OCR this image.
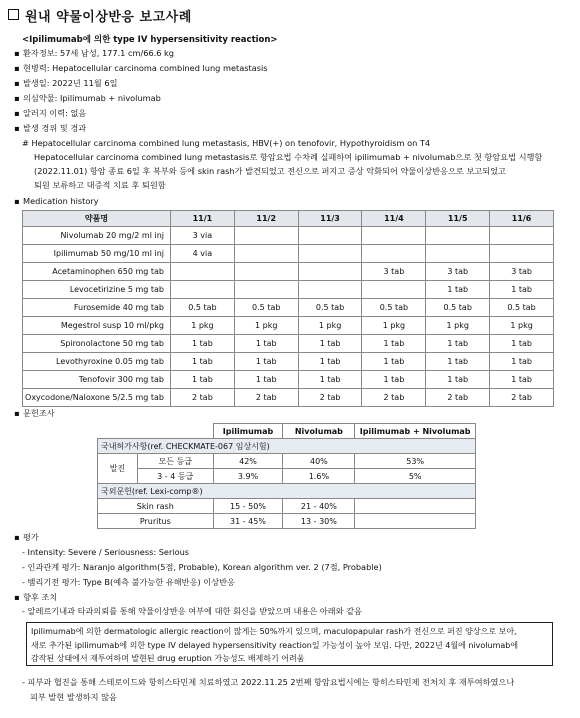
원내 약물이상반응 보고사례
<Ipilimumab에 의한 type IV hypersensitivity reaction>
▪ 환자정보: 57세 남성, 177.1 cm/66.6 kg
▪ 현병력: Hepatocellular carcinoma combined lung metastasis
▪ 발생일: 2022년 11월 6일
▪ 의심약물: Ipilimumab + nivolumab
▪ 알러지 이력: 없음
▪ 발생 경위 및 경과
# Hepatocellular carcinoma combined lung metastasis, HBV(+) on tenofovir, Hypothyroidism on T4
Hepatocellular carcinoma combined lung metastasis로 항암요법 수차례 실패하여 ipilimumab + nivolumab으로 첫 항암요법 시행함
(2022.11.01) 항암 종료 6일 후 복부와 등에 skin rash가 발견되었고 전신으로 퍼지고 증상 악화되어 약물이상반응으로 보고되었고
퇴원 보류하고 대증적 치료 후 퇴원함
▪ Medication history
약품명	11/1	11/2	11/3	11/4	11/5	11/6
Nivolumab 20 mg/2 ml inj	3 via					
Ipilimumab 50 mg/10 ml inj	4 via					
Acetaminophen 650 mg tab				3 tab	3 tab	3 tab
Levocetirizine 5 mg tab					1 tab	1 tab
Furosemide 40 mg tab	0.5 tab	0.5 tab	0.5 tab	0.5 tab	0.5 tab	0.5 tab
Megestrol susp 10 ml/pkg	1 pkg	1 pkg	1 pkg	1 pkg	1 pkg	1 pkg
Spironolactone 50 mg tab	1 tab	1 tab	1 tab	1 tab	1 tab	1 tab
Levothyroxine 0.05 mg tab	1 tab	1 tab	1 tab	1 tab	1 tab	1 tab
Tenofovir 300 mg tab	1 tab	1 tab	1 tab	1 tab	1 tab	1 tab
Oxycodone/Naloxone 5/2.5 mg tab	2 tab	2 tab	2 tab	2 tab	2 tab	2 tab
▪ 문헌조사
		Ipilimumab	Nivolumab	Ipilimumab + Nivolumab
국내허가사항(ref. CHECKMATE-067 임상시험)				
발진	모든 등급	42%	40%	53%
	3 - 4 등급	3.9%	1.6%	5%
국외문헌(ref. Lexi-comp®)				
Skin rash		15 - 50%	21 - 40%	
Pruritus		31 - 45%	13 - 30%	
▪ 평가
- Intensity: Severe / Seriousness: Serious
- 인과관계 평가: Naranjo algorithm(5점, Probable), Korean algorithm ver. 2 (7점, Probable)
- 뱀리기전 평가: Type B(예측 불가능한 유해반응) 이상반응
▪ 향후 조치
- 알레르기내과 타과의뢰를 통해 약물이상반응 여부에 대한 회신을 받았으며 내용은 아래와 같음
Ipilimumab에 의한 dermatologic allergic reaction이 많게는 50%까지 있으며, maculopapular rash가 전신으로 퍼진 양상으로 보아,
새로 추가된 ipilimumab에 의한 type IV delayed hypersensitivity reaction일 가능성이 높아 보임. 다만, 2022년 4월에 nivolumab에
감작된 상태에서 재투여하며 발현된 drug eruption 가능성도 배제하기 어려움
- 피부과 협진을 통해 스테로이드와 항히스타민제 치료하였고 2022.11.25 2번째 항암요법시에는 항히스타민제 전처치 후 재투여하였으나
피부 발현 발생하지 않음
